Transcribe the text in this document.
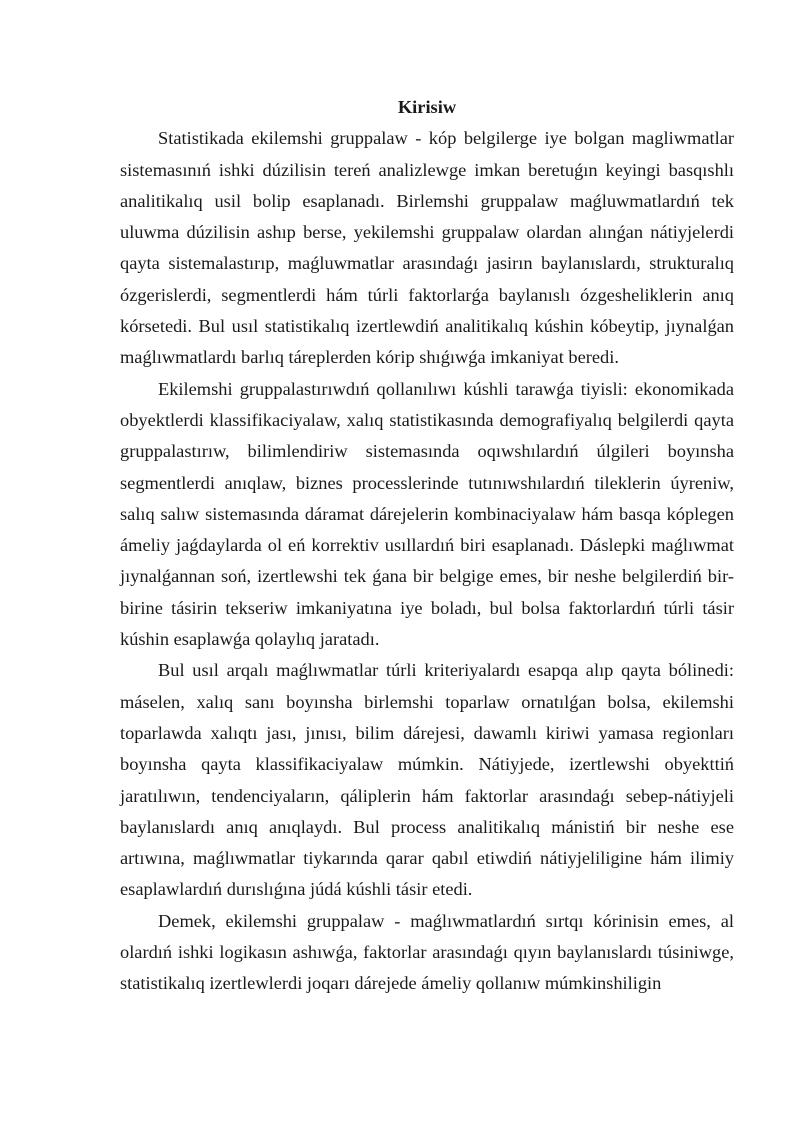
Kirisiw

Statistikada ekilemshi gruppalaw - kóp belgilerge iye bolgan magliwmatlar sistemasınıń ishki dúzilisin tereń analizlewge imkan beretuǵın keyingi basqıshlı analitikalıq usil bolip esaplanadı. Birlemshi gruppalaw maǵluwmatlardıń tek uluwma dúzilisin ashıp berse, yekilemshi gruppalaw olardan alınǵan nátiyjelerdi qayta sistemalastırıp, maǵluwmatlar arasındaǵı jasirın baylanıslardı, strukturalıq ózgerislerdi, segmentlerdi hám túrli faktorlarǵa baylanıslı ózgesheliklerin anıq kórsetedi. Bul usıl statistikalıq izertlewdiń analitikalıq kúshin kóbeytip, jıynalǵan maǵlıwmatlardı barlıq táreplerden kórip shıǵıwǵa imkaniyat beredi.

Ekilemshi gruppalastırıwdıń qollanılıwı kúshli tarawǵa tiyisli: ekonomikada obyektlerdi klassifikaciyalaw, xalıq statistikasında demografiyalıq belgilerdi qayta gruppalastırıw, bilimlendiriw sistemasında oqıwshılardıń úlgileri boyınsha segmentlerdi anıqlaw, biznes processlerinde tutınıwshılardıń tileklerin úyreniw, salıq salıw sistemasında dáramat dárejelerin kombinaciyalaw hám basqa kóplegen ámeliy jaǵdaylarda ol eń korrektiv usıllardıń biri esaplanadı. Dáslepki maǵlıwmat jıynalǵannan soń, izertlewshi tek ǵana bir belgige emes, bir neshe belgilerdiń bir-birine tásirin tekseriw imkaniyatına iye boladı, bul bolsa faktorlardıń túrli tásir kúshin esaplawǵa qolaylıq jaratadı.

Bul usıl arqalı maǵlıwmatlar túrli kriteriyalardı esapqa alıp qayta bólinedi: máselen, xalıq sanı boyınsha birlemshi toparlaw ornatılǵan bolsa, ekilemshi toparlawda xalıqtı jası, jınısı, bilim dárejesi, dawamlı kiriwi yamasa regionları boyınsha qayta klassifikaciyalaw múmkin. Nátiyjede, izertlewshi obyekttiń jaratılıwın, tendenciyaların, qáliplerin hám faktorlar arasındaǵı sebep-nátiyjeli baylanıslardı anıq anıqlaydı. Bul process analitikalıq mánistiń bir neshe ese artıwına, maǵlıwmatlar tiykarında qarar qabıl etiwdiń nátiyjeliligine hám ilimiy esaplawlardıń durıslıǵına júdá kúshli tásir etedi.

Demek, ekilemshi gruppalaw - maǵlıwmatlardıń sırtqı kórinisin emes, al olardıń ishki logikasın ashıwǵa, faktorlar arasındaǵı qıyın baylanıslardı túsiniwge, statistikalıq izertlewlerdi joqarı dárejede ámeliy qollanıw múmkinshiligin
